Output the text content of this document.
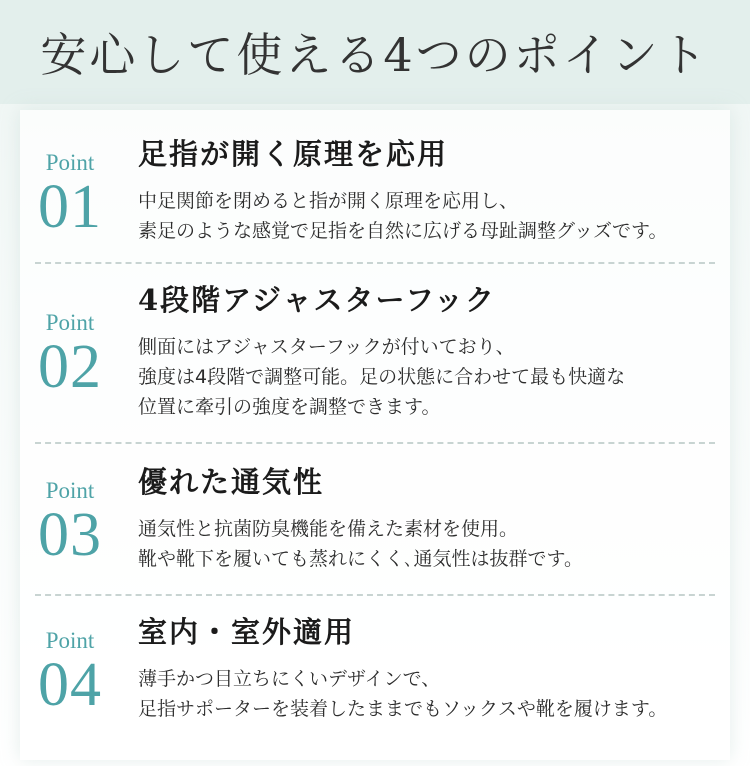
安心して使える4つのポイント
Point
01
足指が開く原理を応用
中足関節を閉めると指が開く原理を応用し、
素足のような感覚で足指を自然に広げる母趾調整グッズです。
Point
02
4段階アジャスターフック
側面にはアジャスターフックが付いており、
強度は4段階で調整可能。足の状態に合わせて最も快適な
位置に牽引の強度を調整できます。
Point
03
優れた通気性
通気性と抗菌防臭機能を備えた素材を使用。
靴や靴下を履いても蒸れにくく､通気性は抜群です。
Point
04
室内・室外適用
薄手かつ目立ちにくいデザインで、
足指サポーターを装着したままでもソックスや靴を履けます。
